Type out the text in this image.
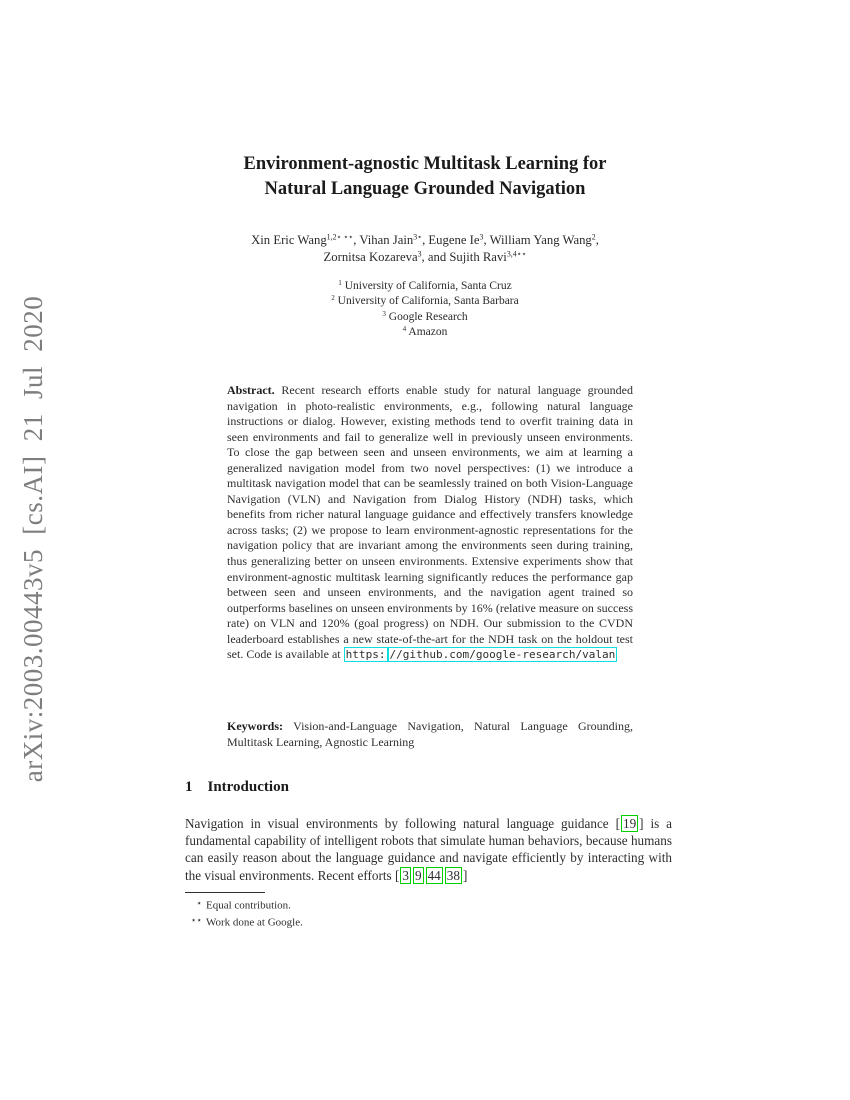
arXiv:2003.00443v5 [cs.AI] 21 Jul 2020
Environment-agnostic Multitask Learning for
Natural Language Grounded Navigation
Xin Eric Wang$^{1,2⋆ ⋆⋆}$, Vihan Jain$^{3⋆}$, Eugene Ie$^3$, William Yang Wang$^2$,
Zornitsa Kozareva$^3$, and Sujith Ravi$^{3,4⋆⋆}$
$^1$ University of California, Santa Cruz
$^2$ University of California, Santa Barbara
$^3$ Google Research
$^4$ Amazon
Abstract. Recent research efforts enable study for natural language grounded navigation in photo-realistic environments, e.g., following natural language instructions or dialog. However, existing methods tend to overfit training data in seen environments and fail to generalize well in previously unseen environments. To close the gap between seen and unseen environments, we aim at learning a generalized navigation model from two novel perspectives: (1) we introduce a multitask navigation model that can be seamlessly trained on both Vision-Language Navigation (VLN) and Navigation from Dialog History (NDH) tasks, which benefits from richer natural language guidance and effectively transfers knowledge across tasks; (2) we propose to learn environment-agnostic representations for the navigation policy that are invariant among the environments seen during training, thus generalizing better on unseen environments. Extensive experiments show that environment-agnostic multitask learning significantly reduces the performance gap between seen and unseen environments, and the navigation agent trained so outperforms baselines on unseen environments by 16% (relative measure on success rate) on VLN and 120% (goal progress) on NDH. Our submission to the CVDN leaderboard establishes a new state-of-the-art for the NDH task on the holdout test set. Code is available at https: //github.com/google-research/valan
Keywords: Vision-and-Language Navigation, Natural Language Grounding, Multitask Learning, Agnostic Learning
1 Introduction
Navigation in visual environments by following natural language guidance [ 19 ] is a fundamental capability of intelligent robots that simulate human behaviors, because humans can easily reason about the language guidance and navigate efficiently by interacting with the visual environments. Recent efforts [ 3 9 44 38 ]
⋆ Equal contribution.
⋆⋆ Work done at Google.
